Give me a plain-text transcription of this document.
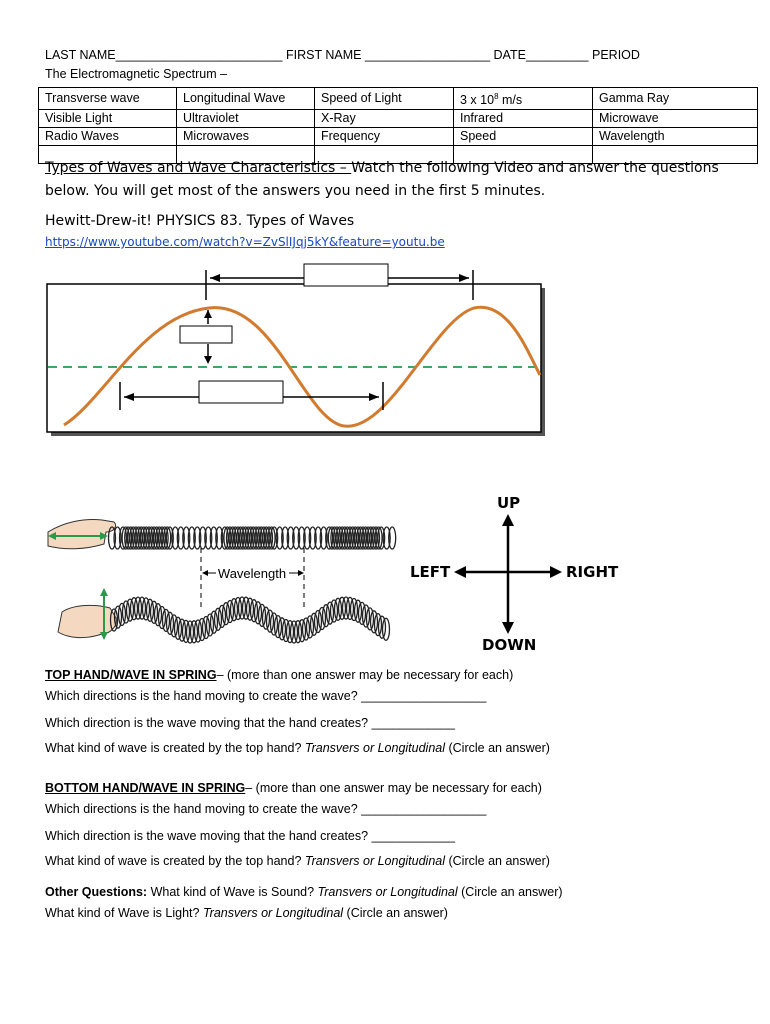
LAST NAME________________________ FIRST NAME __________________ DATE_________ PERIOD
The Electromagnetic Spectrum –
Transverse wave	Longitudinal Wave	Speed of Light	3 x $10^8$ m/s	Gamma Ray
Visible Light	Ultraviolet	X-Ray	Infrared	Microwave
Radio Waves	Microwaves	Frequency	Speed	Wavelength

Types of Waves and Wave Characteristics – Watch the following Video and answer the questions
below. You will get most of the answers you need in the first 5 minutes.
Hewitt-Drew-it! PHYSICS 83. Types of Waves
https://www.youtube.com/watch?v=ZvSlIJqj5kY&feature=youtu.be
Wavelength
UP
LEFT	RIGHT
DOWN
TOP HAND/WAVE IN SPRING– (more than one answer may be necessary for each)
Which directions is the hand moving to create the wave? __________________
Which direction is the wave moving that the hand creates? ____________
What kind of wave is created by the top hand? Transvers or Longitudinal (Circle an answer)
BOTTOM HAND/WAVE IN SPRING– (more than one answer may be necessary for each)
Which directions is the hand moving to create the wave? __________________
Which direction is the wave moving that the hand creates? ____________
What kind of wave is created by the top hand? Transvers or Longitudinal (Circle an answer)
Other Questions: What kind of Wave is Sound? Transvers or Longitudinal (Circle an answer)
What kind of Wave is Light? Transvers or Longitudinal (Circle an answer)
